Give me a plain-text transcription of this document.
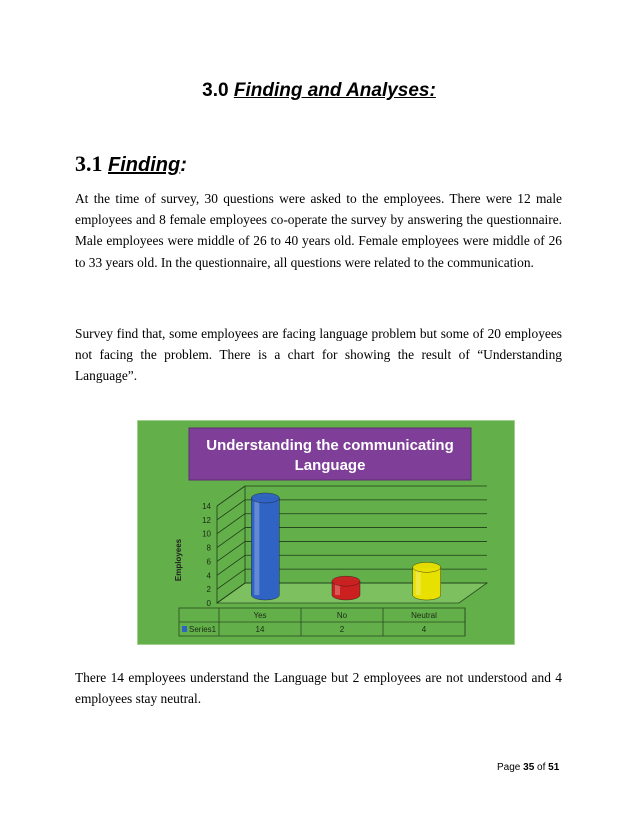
3.0 Finding and Analyses:
3.1 Finding:

At the time of survey, 30 questions were asked to the employees. There were 12 male employees and 8 female employees co-operate the survey by answering the questionnaire. Male employees were middle of 26 to 40 years old. Female employees were middle of 26 to 33 years old. In the questionnaire, all questions were related to the communication.

Survey find that, some employees are facing language problem but some of 20 employees not facing the problem. There is a chart for showing the result of “Understanding Language”.

Understanding the communicating
Language
Employees
0
2
4
6
8
10
12
14
Yes	No	Neutral
Series1	14	2	4

There 14 employees understand the Language but 2 employees are not understood and 4 employees stay neutral.

Page 35 of 51
